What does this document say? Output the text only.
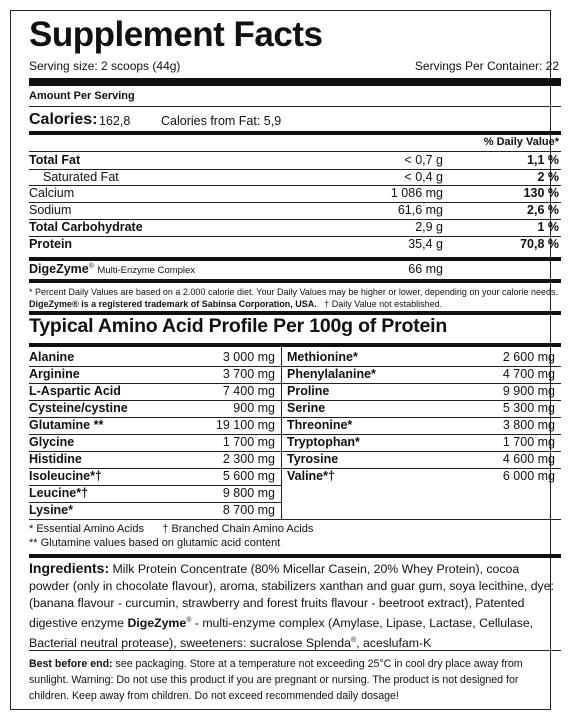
Supplement Facts
Serving size: 2 scoops (44g)	Servings Per Container: 22
Amount Per Serving
Calories: 162,8 Calories from Fat: 5,9
% Daily Value*
Total Fat	< 0,7 g	1,1 %
Saturated Fat	< 0,4 g	2 %
Calcium	1 086 mg	130 %
Sodium	61,6 mg	2,6 %
Total Carbohydrate	2,9 g	1 %
Protein	35,4 g	70,8 %
DigeZyme® Multi-Enzyme Complex	66 mg
* Percent Daily Values are based on a 2.000 calorie diet. Your Daily Values may be higher or lower, depending on your calorie needs.
DigeZyme® is a registered trademark of Sabinsa Corporation, USA. † Daily Value not established.
Typical Amino Acid Profile Per 100g of Protein
Alanine	3 000 mg
Arginine	3 700 mg
L-Aspartic Acid	7 400 mg
Cysteine/cystine	900 mg
Glutamine **	19 100 mg
Glycine	1 700 mg
Histidine	2 300 mg
Isoleucine*†	5 600 mg
Leucine*†	9 800 mg
Lysine*	8 700 mg
Methionine*	2 600 mg
Phenylalanine*	4 700 mg
Proline	9 900 mg
Serine	5 300 mg
Threonine*	3 800 mg
Tryptophan*	1 700 mg
Tyrosine	4 600 mg
Valine*†	6 000 mg
* Essential Amino Acids † Branched Chain Amino Acids
** Glutamine values based on glutamic acid content
Ingredients: Milk Protein Concentrate (80% Micellar Casein, 20% Whey Protein), cocoa powder (only in chocolate flavour), aroma, stabilizers xanthan and guar gum, soya lecithine, dye: (banana flavour - curcumin, strawberry and forest fruits flavour - beetroot extract), Patented digestive enzyme DigeZyme® - multi-enzyme complex (Amylase, Lipase, Lactase, Cellulase, Bacterial neutral protease), sweeteners: sucralose Splenda®, aceslufam-K
Best before end: see packaging. Store at a temperature not exceeding 25°C in cool dry place away from sunlight. Warning: Do not use this product if you are pregnant or nursing. The product is not designed for children. Keep away from children. Do not exceed recommended daily dosage!
